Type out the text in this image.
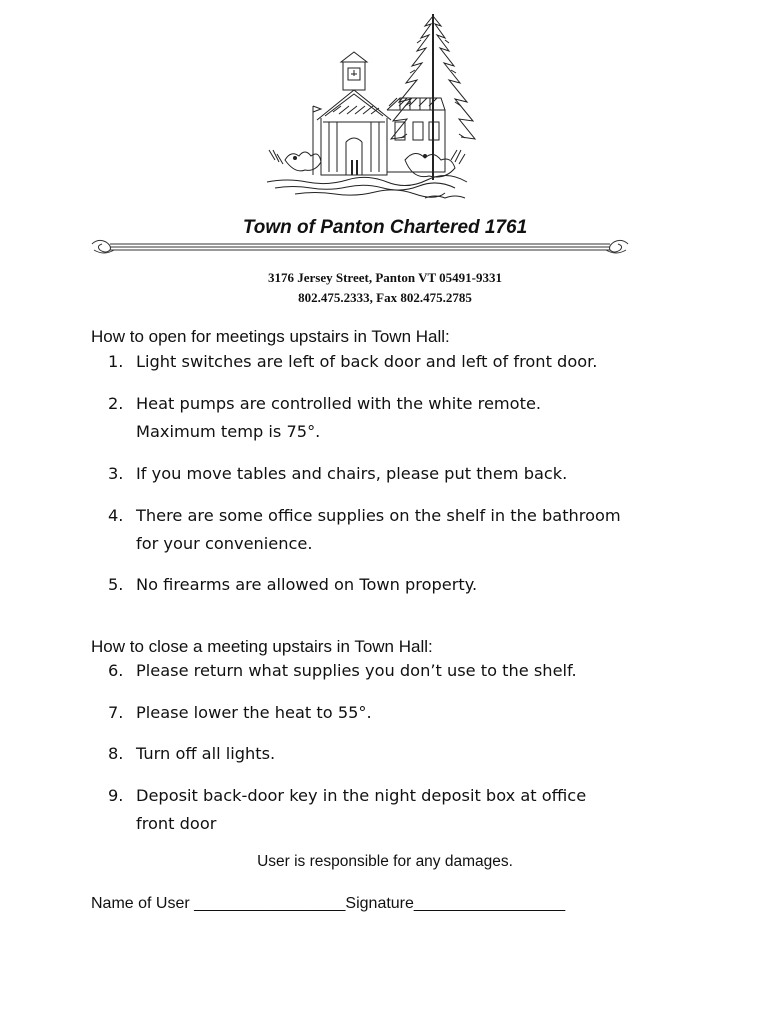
Town of Panton Chartered 1761
3176 Jersey Street, Panton VT 05491-9331
802.475.2333, Fax 802.475.2785
How to open for meetings upstairs in Town Hall:
1. Light switches are left of back door and left of front door.
2. Heat pumps are controlled with the white remote.
Maximum temp is 75°.
3. If you move tables and chairs, please put them back.
4. There are some office supplies on the shelf in the bathroom
for your convenience.
5. No firearms are allowed on Town property.
How to close a meeting upstairs in Town Hall:
6. Please return what supplies you don’t use to the shelf.
7. Please lower the heat to 55°.
8. Turn off all lights.
9. Deposit back-door key in the night deposit box at office
front door
User is responsible for any damages.
Name of User _________________Signature_________________
